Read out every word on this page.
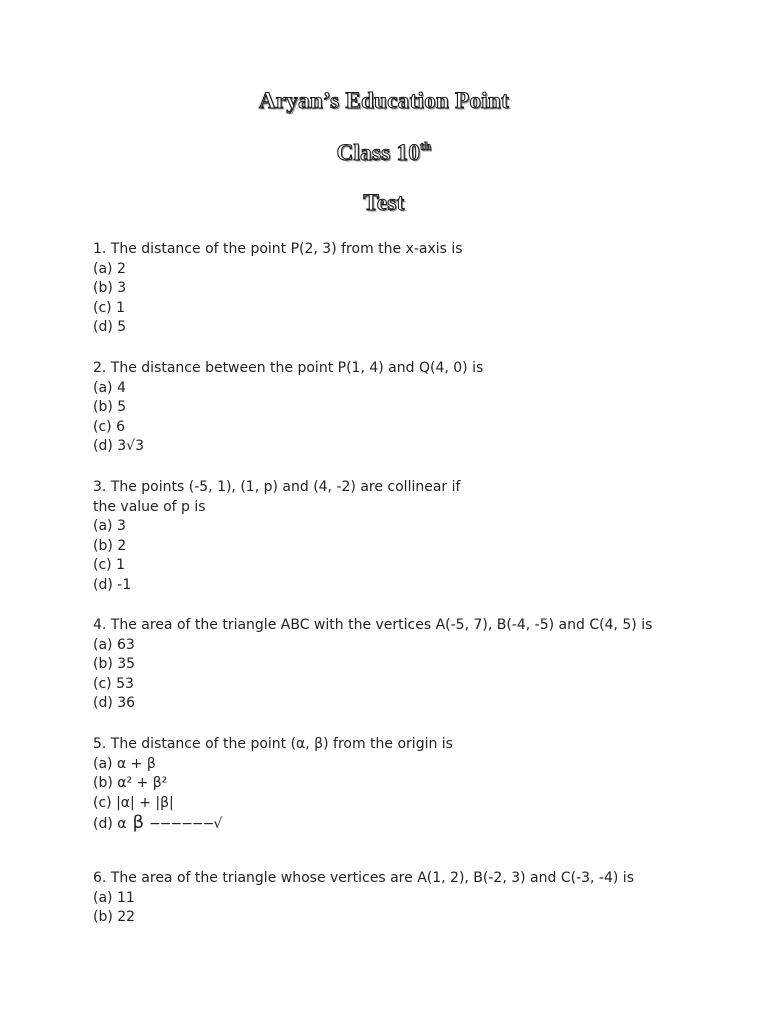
Aryan’s Education Point
Class 10th
Test
1. The distance of the point P(2, 3) from the x-axis is
(a) 2
(b) 3
(c) 1
(d) 5
2. The distance between the point P(1, 4) and Q(4, 0) is
(a) 4
(b) 5
(c) 6
(d) 3√3
3. The points (-5, 1), (1, p) and (4, -2) are collinear if
the value of p is
(a) 3
(b) 2
(c) 1
(d) -1
4. The area of the triangle ABC with the vertices A(-5, 7), B(-4, -5) and C(4, 5) is
(a) 63
(b) 35
(c) 53
(d) 36
5. The distance of the point (α, β) from the origin is
(a) α + β
(b) α² + β²
(c) |α| + |β|
(d) α β −−−−−−√
6. The area of the triangle whose vertices are A(1, 2), B(-2, 3) and C(-3, -4) is
(a) 11
(b) 22
